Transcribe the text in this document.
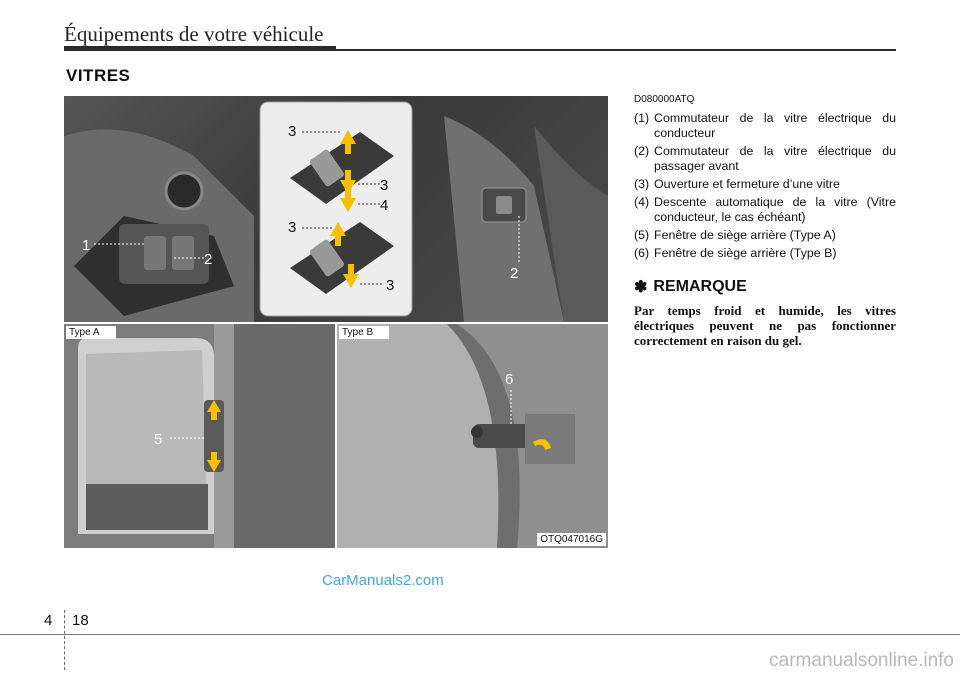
Équipements de votre véhicule
VITRES
1
2
3
3
4
3
3
2
5
Type A
6
Type B
OTQ047016G
D080000ATQ
(1) Commutateur de la vitre électrique du conducteur
(2) Commutateur de la vitre électrique du passager avant
(3) Ouverture et fermeture d’une vitre
(4) Descente automatique de la vitre (Vitre conducteur, le cas échéant)
(5) Fenêtre de siège arrière (Type A)
(6) Fenêtre de siège arrière (Type B)
✽ REMARQUE
Par temps froid et humide, les vitres électriques peuvent ne pas fonctionner correctement en raison du gel.
CarManuals2.com
4 18
carmanualsonline.info
